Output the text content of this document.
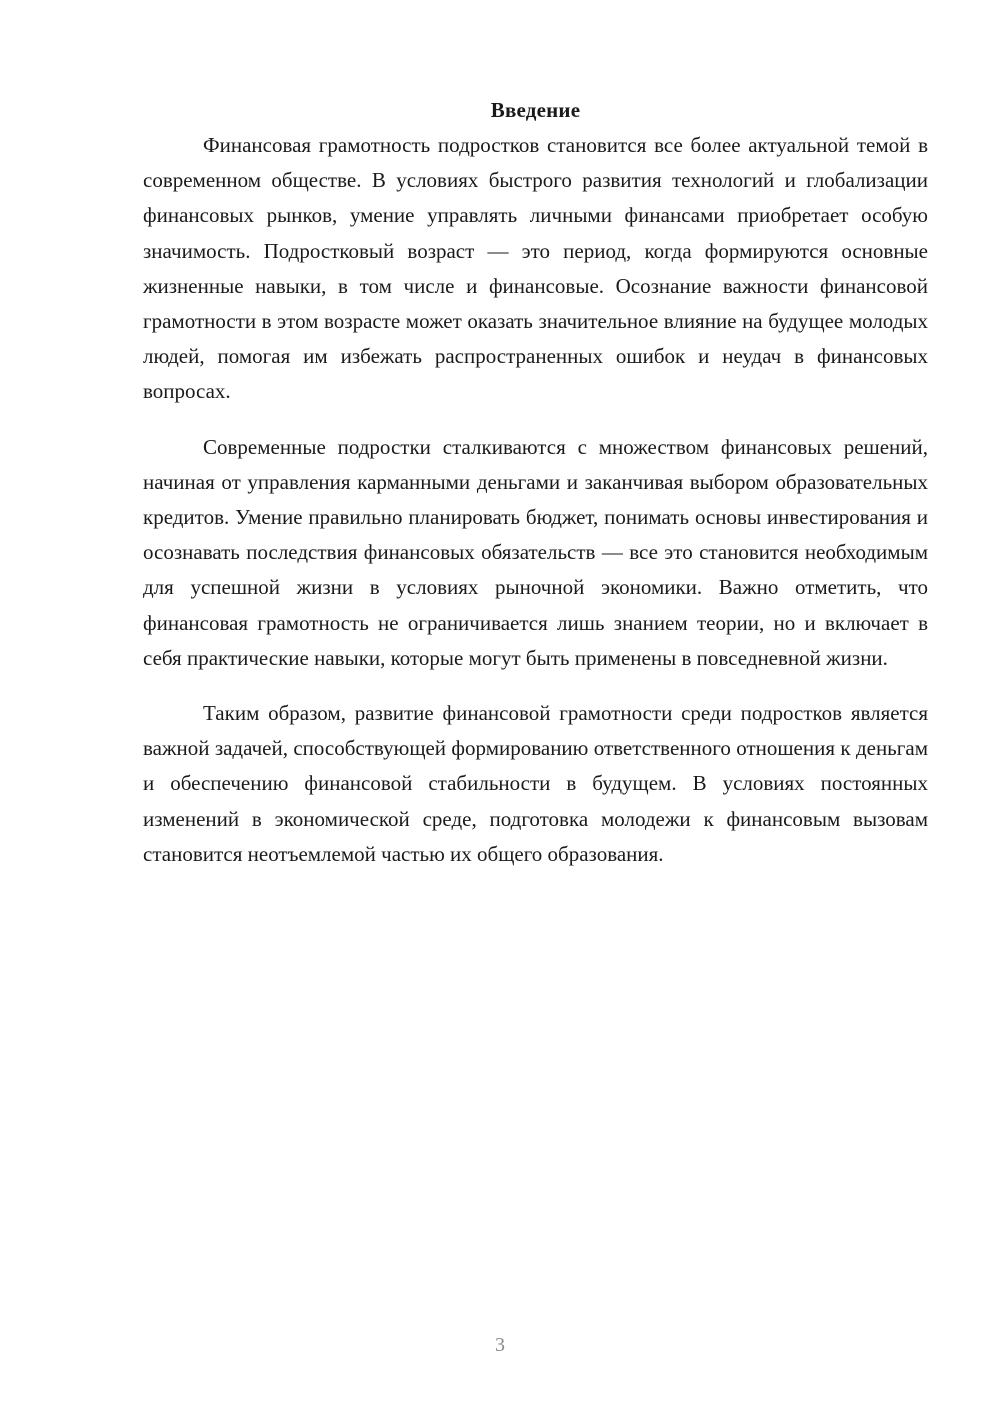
Введение

Финансовая грамотность подростков становится все более актуальной темой в современном обществе. В условиях быстрого развития технологий и глобализации финансовых рынков, умение управлять личными финансами приобретает особую значимость. Подростковый возраст — это период, когда формируются основные жизненные навыки, в том числе и финансовые. Осознание важности финансовой грамотности в этом возрасте может оказать значительное влияние на будущее молодых людей, помогая им избежать распространенных ошибок и неудач в финансовых вопросах.

Современные подростки сталкиваются с множеством финансовых решений, начиная от управления карманными деньгами и заканчивая выбором образовательных кредитов. Умение правильно планировать бюджет, понимать основы инвестирования и осознавать последствия финансовых обязательств — все это становится необходимым для успешной жизни в условиях рыночной экономики. Важно отметить, что финансовая грамотность не ограничивается лишь знанием теории, но и включает в себя практические навыки, которые могут быть применены в повседневной жизни.

Таким образом, развитие финансовой грамотности среди подростков является важной задачей, способствующей формированию ответственного отношения к деньгам и обеспечению финансовой стабильности в будущем. В условиях постоянных изменений в экономической среде, подготовка молодежи к финансовым вызовам становится неотъемлемой частью их общего образования.

3
